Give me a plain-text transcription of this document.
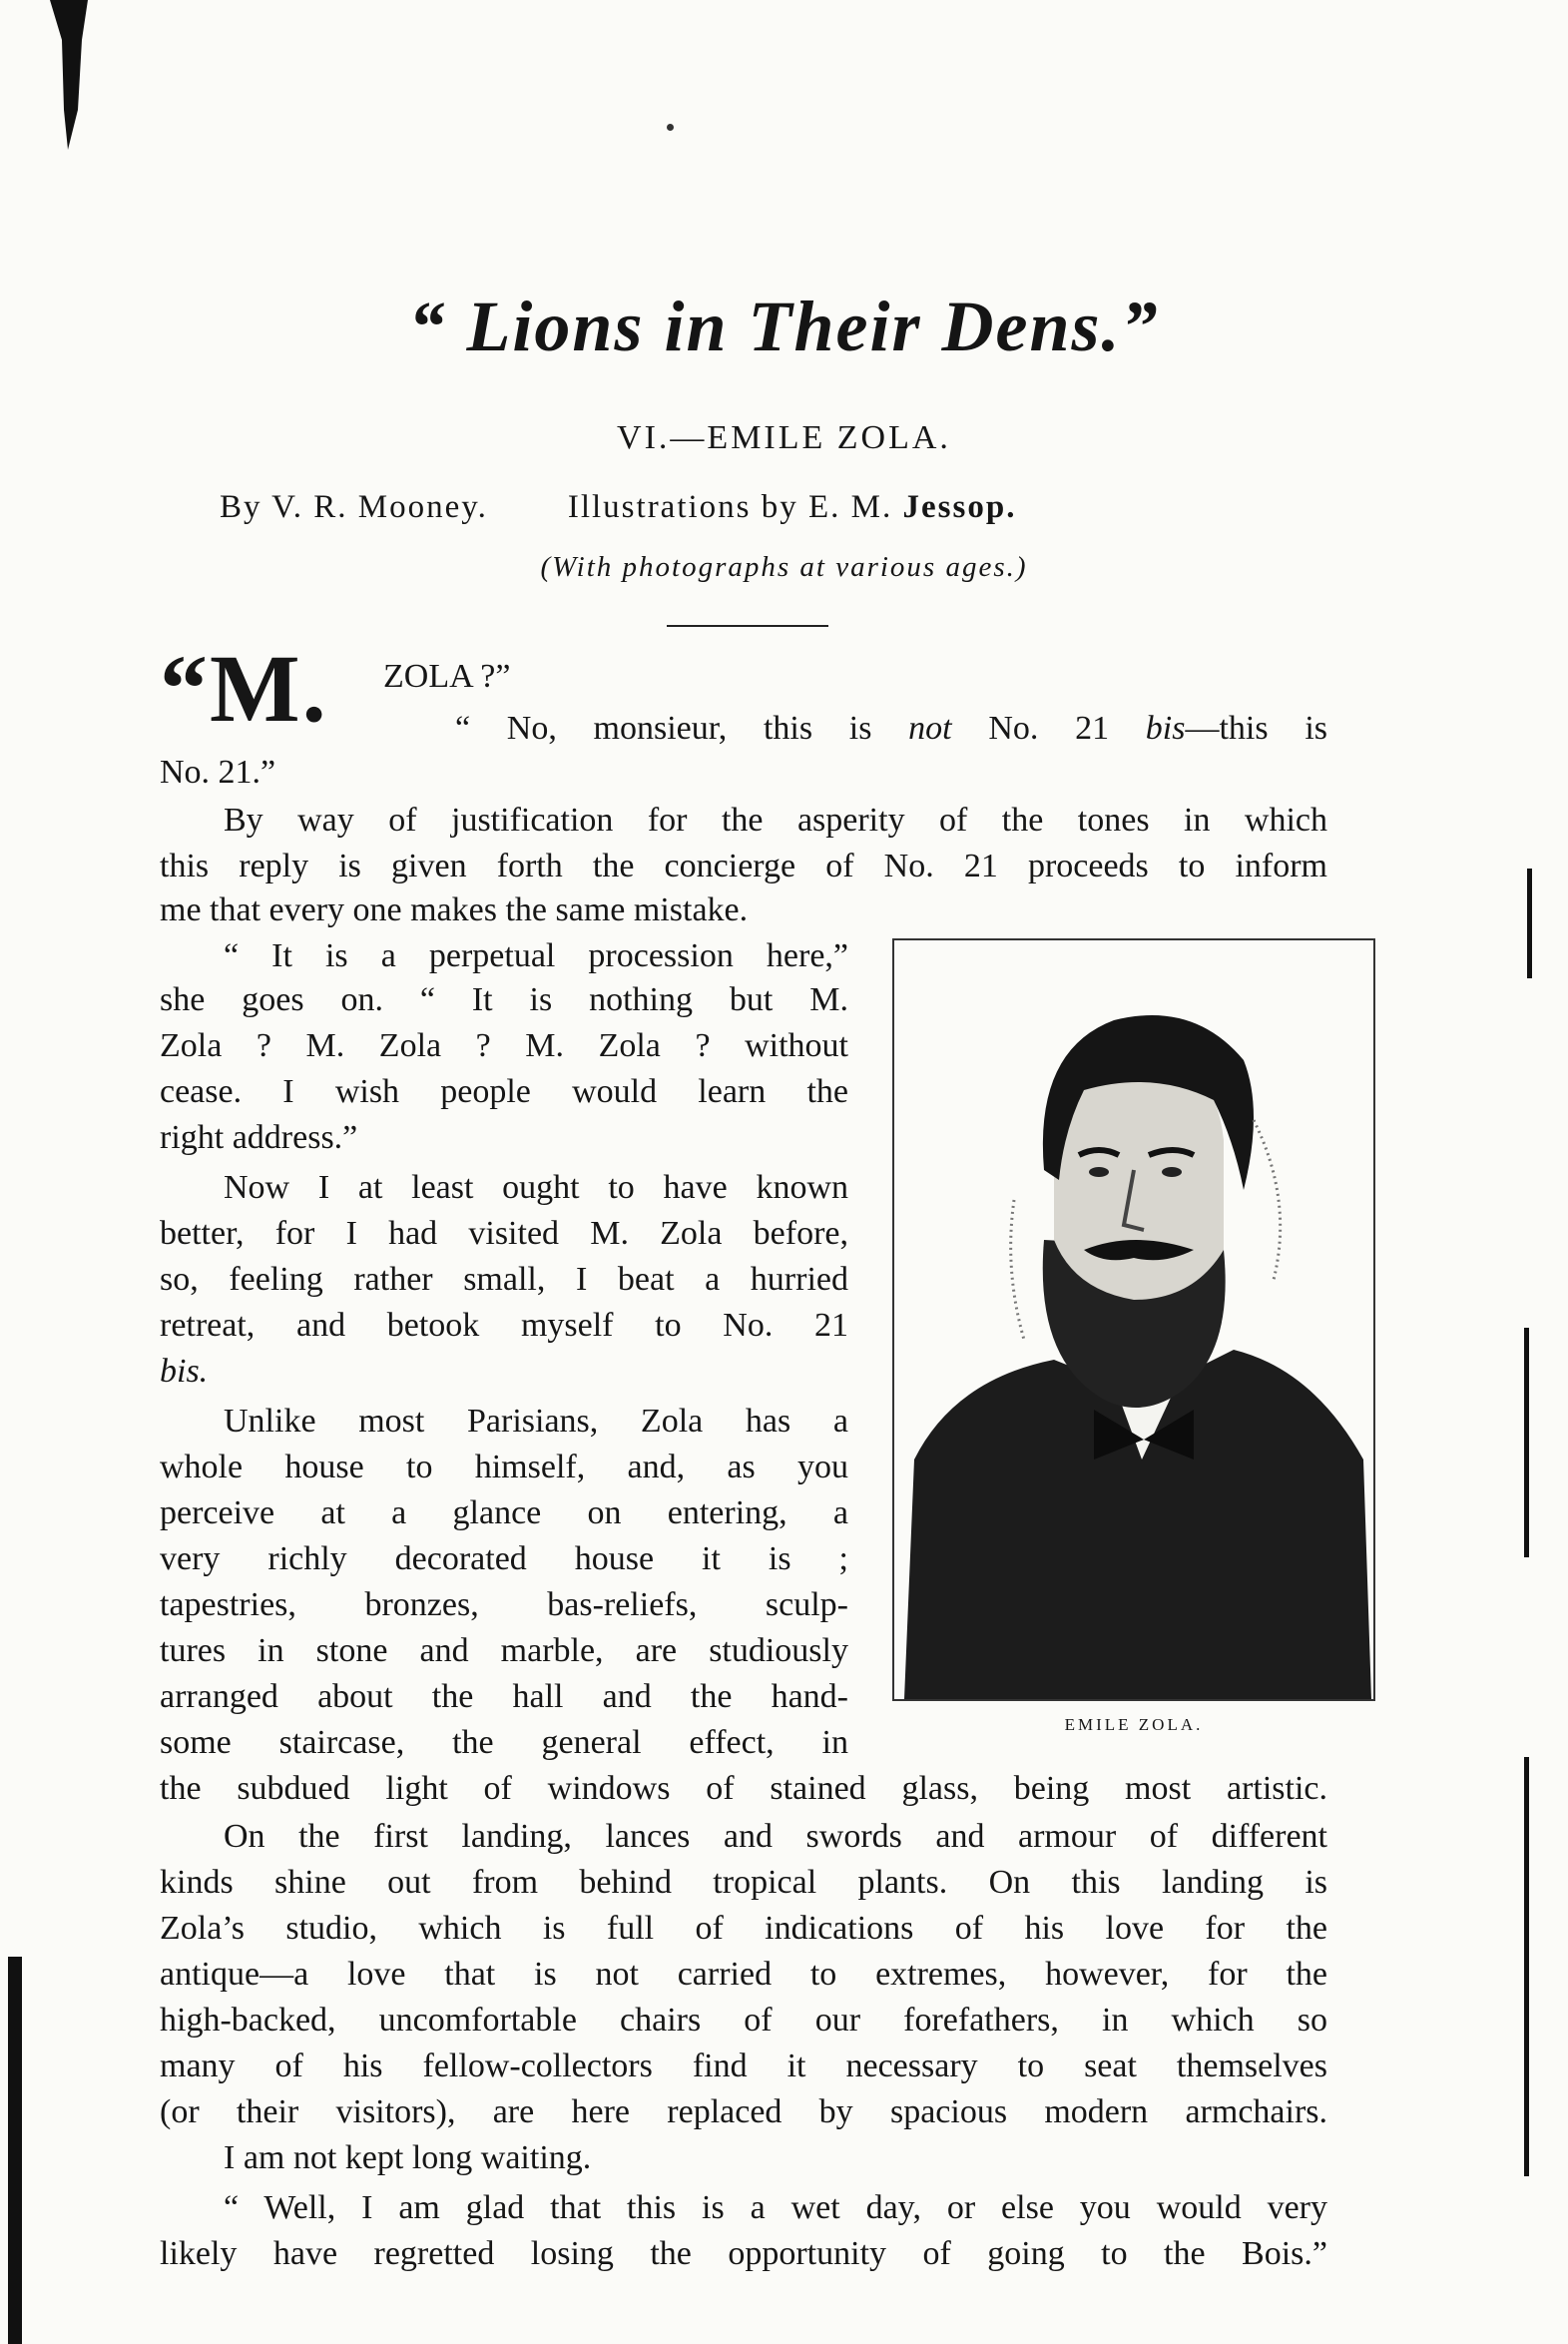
“ Lions in Their Dens.”
VI.—EMILE ZOLA.
By V. R. Mooney. Illustrations by E. M. Jessop.
(With photographs at various ages.)
“M. ZOLA ?”
“ No, monsieur, this is not No. 21 bis—this is
No. 21.”
By way of justification for the asperity of the tones in which
this reply is given forth the concierge of No. 21 proceeds to inform
me that every one makes the same mistake.
“ It is a perpetual procession here,”
she goes on. “ It is nothing but M.
Zola ? M. Zola ? M. Zola ? without
cease. I wish people would learn the
right address.”
Now I at least ought to have known
better, for I had visited M. Zola before,
so, feeling rather small, I beat a hurried
retreat, and betook myself to No. 21
bis.
Unlike most Parisians, Zola has a
whole house to himself, and, as you
perceive at a glance on entering, a
very richly decorated house it is ;
tapestries, bronzes, bas-reliefs, sculp-
tures in stone and marble, are studiously
arranged about the hall and the hand-
some staircase, the general effect, in
the subdued light of windows of stained glass, being most artistic.
On the first landing, lances and swords and armour of different
kinds shine out from behind tropical plants. On this landing is
Zola’s studio, which is full of indications of his love for the
antique—a love that is not carried to extremes, however, for the
high-backed, uncomfortable chairs of our forefathers, in which so
many of his fellow-collectors find it necessary to seat themselves
(or their visitors), are here replaced by spacious modern armchairs.
I am not kept long waiting.
“ Well, I am glad that this is a wet day, or else you would very
likely have regretted losing the opportunity of going to the Bois.”
EMILE ZOLA.
